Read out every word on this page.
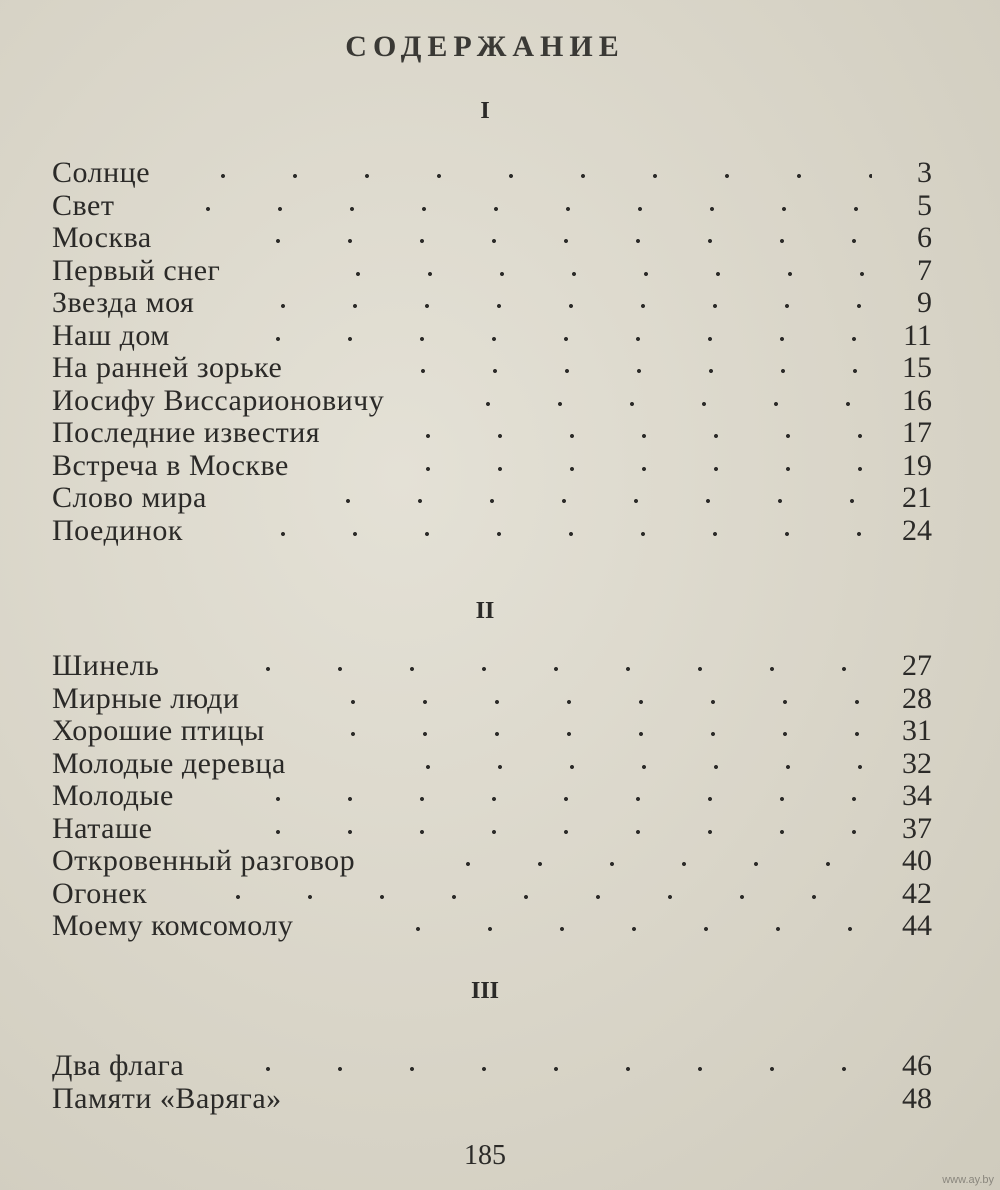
СОДЕРЖАНИЕ
I
Солнце	3
Свет	5
Москва	6
Первый снег	7
Звезда моя	9
Наш дом	11
На ранней зорьке	15
Иосифу Виссарионовичу	16
Последние известия	17
Встреча в Москве	19
Слово мира	21
Поединок	24
II
Шинель	27
Мирные люди	28
Хорошие птицы	31
Молодые деревца	32
Молодые	34
Наташе	37
Откровенный разговор	40
Огонек	42
Моему комсомолу	44
III
Два флага	46
Памяти «Варяга»	48
185
www.ay.by
